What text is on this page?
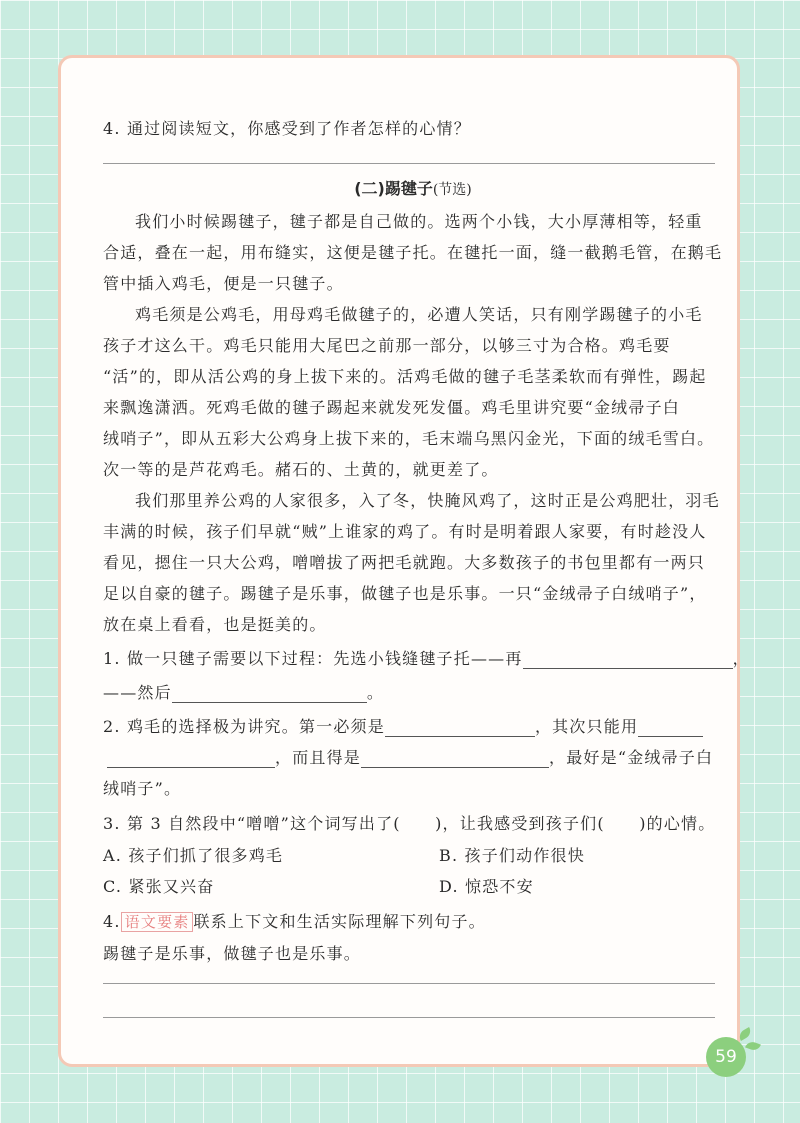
4. 通过阅读短文，你感受到了作者怎样的心情？
(二)踢毽子(节选)
我们小时候踢毽子，毽子都是自己做的。选两个小钱，大小厚薄相等，轻重
合适，叠在一起，用布缝实，这便是毽子托。在毽托一面，缝一截鹅毛管，在鹅毛
管中插入鸡毛，便是一只毽子。
鸡毛须是公鸡毛，用母鸡毛做毽子的，必遭人笑话，只有刚学踢毽子的小毛
孩子才这么干。鸡毛只能用大尾巴之前那一部分，以够三寸为合格。鸡毛要
“活”的，即从活公鸡的身上拔下来的。活鸡毛做的毽子毛茎柔软而有弹性，踢起
来飘逸潇洒。死鸡毛做的毽子踢起来就发死发僵。鸡毛里讲究要“金绒帚子白
绒哨子”，即从五彩大公鸡身上拔下来的，毛末端乌黑闪金光，下面的绒毛雪白。
次一等的是芦花鸡毛。赭石的、土黄的，就更差了。
我们那里养公鸡的人家很多，入了冬，快腌风鸡了，这时正是公鸡肥壮，羽毛
丰满的时候，孩子们早就“贼”上谁家的鸡了。有时是明着跟人家要，有时趁没人
看见，摁住一只大公鸡，噌噌拔了两把毛就跑。大多数孩子的书包里都有一两只
足以自豪的毽子。踢毽子是乐事，做毽子也是乐事。一只“金绒帚子白绒哨子”，
放在桌上看看，也是挺美的。
1. 做一只毽子需要以下过程：先选小钱缝毽子托——再	，
——然后	。
2. 鸡毛的选择极为讲究。第一必须是	，其次只能用
，而且得是	，最好是“金绒帚子白
绒哨子”。
3. 第 3 自然段中“噌噌”这个词写出了(　　)，让我感受到孩子们(　　)的心情。
A. 孩子们抓了很多鸡毛	B. 孩子们动作很快
C. 紧张又兴奋	D. 惊恐不安
4. 语文要素 联系上下文和生活实际理解下列句子。
踢毽子是乐事，做毽子也是乐事。
59
